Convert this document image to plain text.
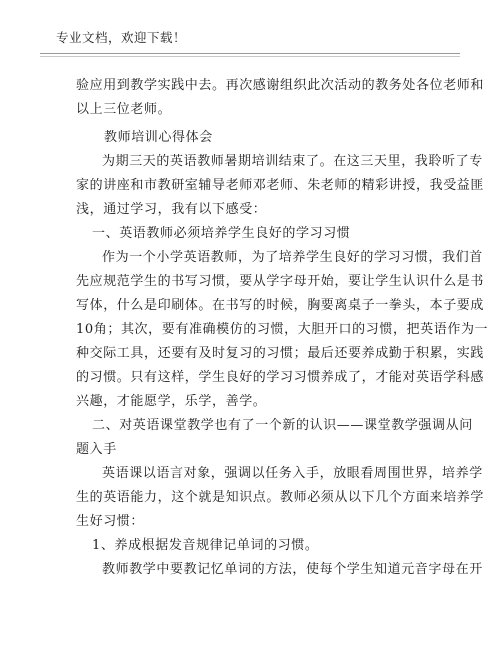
专业文档，欢迎下载！
验应用到教学实践中去。再次感谢组织此次活动的教务处各位老师和
以上三位老师。
教师培训心得体会
为期三天的英语教师暑期培训结束了。在这三天里，我聆听了专
家的讲座和市教研室辅导老师邓老师、朱老师的精彩讲授，我受益匪
浅，通过学习，我有以下感受：
一、英语教师必须培养学生良好的学习习惯
作为一个小学英语教师，为了培养学生良好的学习习惯，我们首
先应规范学生的书写习惯，要从学字母开始，要让学生认识什么是书
写体，什么是印刷体。在书写的时候，胸要离桌子一拳头，本子要成
10角；其次，要有准确模仿的习惯，大胆开口的习惯，把英语作为一
种交际工具，还要有及时复习的习惯；最后还要养成勤于积累，实践
的习惯。只有这样，学生良好的学习习惯养成了，才能对英语学科感
兴趣，才能愿学，乐学，善学。
二、对英语课堂教学也有了一个新的认识——课堂教学强调从问
题入手
英语课以语言对象，强调以任务入手，放眼看周围世界，培养学
生的英语能力，这个就是知识点。教师必须从以下几个方面来培养学
生好习惯：
1、养成根据发音规律记单词的习惯。
教师教学中要教记忆单词的方法，使每个学生知道元音字母在开
